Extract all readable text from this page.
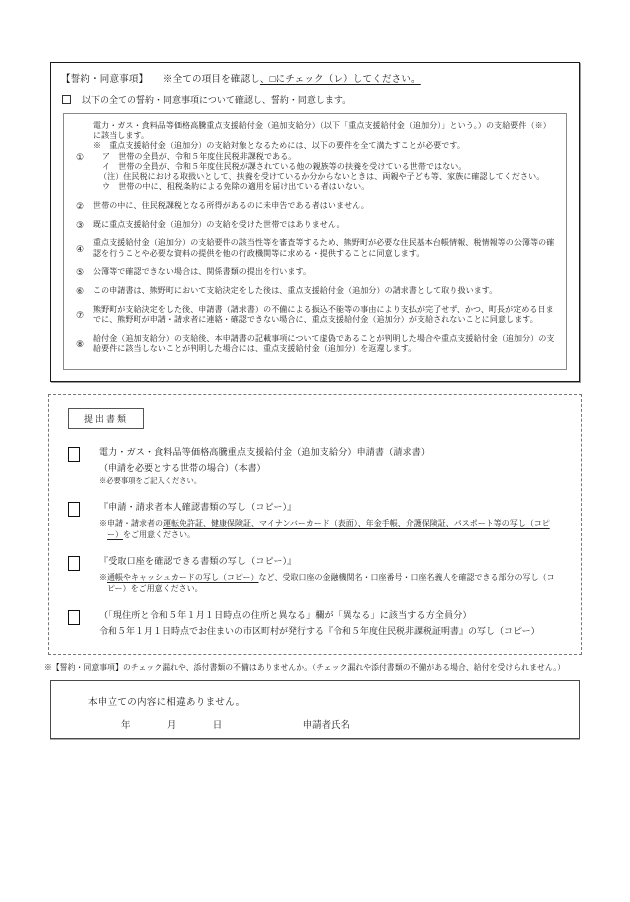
【誓約・同意事項】 ※全ての項目を確認し、□にチェック（レ）してください。
以下の全ての誓約・同意事項について確認し、誓約・同意します。
①
電力・ガス・食料品等価格高騰重点支援給付金（追加支給分）（以下「重点支援給付金（追加分）」という。）の支給要件（※）に該当します。
※　重点支援給付金（追加分）の支給対象となるためには、以下の要件を全て満たすことが必要です。
ア　世帯の全員が、令和５年度住民税非課税である。
イ　世帯の全員が、令和５年度住民税が課されている他の親族等の扶養を受けている世帯ではない。
（注）住民税における取扱いとして、扶養を受けているか分からないときは、両親や子ども等、家族に確認してください。
ウ　世帯の中に、租税条約による免除の適用を届け出ている者はいない。
②	世帯の中に、住民税課税となる所得があるのに未申告である者はいません。
③	既に重点支援給付金（追加分）の支給を受けた世帯ではありません。
④
重点支援給付金（追加分）の支給要件の該当性等を審査等するため、熊野町が必要な住民基本台帳情報、税情報等の公簿等の確認を行うことや必要な資料の提供を他の行政機関等に求める・提供することに同意します。
⑤	公簿等で確認できない場合は、関係書類の提出を行います。
⑥	この申請書は、熊野町において支給決定をした後は、重点支援給付金（追加分）の請求書として取り扱います。
⑦
熊野町が支給決定をした後、申請書（請求書）の不備による振込不能等の事由により支払が完了せず、かつ、町長が定める日までに、熊野町が申請・請求者に連絡・確認できない場合に、重点支援給付金（追加分）が支給されないことに同意します。
⑧
給付金（追加支給分）の支給後、本申請書の記載事項について虚偽であることが判明した場合や重点支援給付金（追加分）の支給要件に該当しないことが判明した場合には、重点支援給付金（追加分）を返還します。
提出書類
電力・ガス・食料品等価格高騰重点支援給付金（追加支給分）申請書（請求書）
（申請を必要とする世帯の場合）（本書）
※必要事項をご記入ください。
『申請・請求者本人確認書類の写し（コピー）』
※申請・請求者の運転免許証、健康保険証、マイナンバーカード（表面）、年金手帳、介護保険証、パスポート等の写し（コピー）をご用意ください。
『受取口座を確認できる書類の写し（コピー）』
※通帳やキャッシュカードの写し（コピー）など、受取口座の金融機関名・口座番号・口座名義人を確認できる部分の写し（コピー）をご用意ください。
（「現住所と令和５年１月１日時点の住所と異なる」欄が「異なる」に該当する方全員分）
令和５年１月１日時点でお住まいの市区町村が発行する『令和５年度住民税非課税証明書』の写し（コピー）
※【誓約・同意事項】のチェック漏れや、添付書類の不備はありませんか。（チェック漏れや添付書類の不備がある場合、給付を受けられません。）
本申立ての内容に相違ありません。
年	月	日	申請者氏名
